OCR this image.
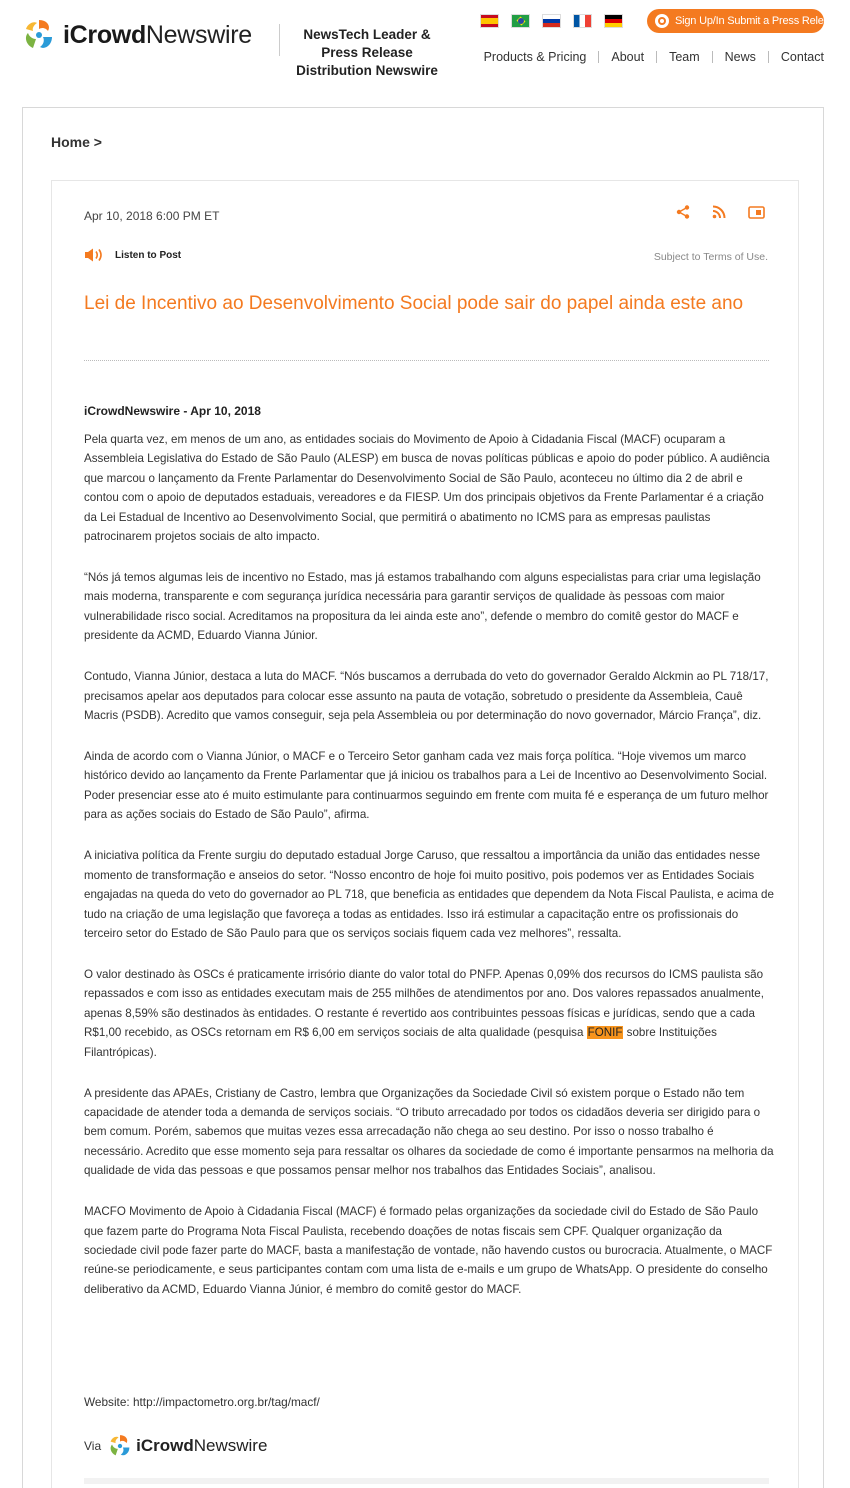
iCrowdNewswire	NewsTech Leader & Press Release Distribution Newswire
Sign Up/In Submit a Press Release
Products & Pricing About Team News Contact
Home >
Apr 10, 2018 6:00 PM ET
Listen to Post	Subject to Terms of Use.
Lei de Incentivo ao Desenvolvimento Social pode sair do papel ainda este ano
iCrowdNewswire - Apr 10, 2018

Pela quarta vez, em menos de um ano, as entidades sociais do Movimento de Apoio à Cidadania Fiscal (MACF) ocuparam a Assembleia Legislativa do Estado de São Paulo (ALESP) em busca de novas políticas públicas e apoio do poder público. A audiência que marcou o lançamento da Frente Parlamentar do Desenvolvimento Social de São Paulo, aconteceu no último dia 2 de abril e contou com o apoio de deputados estaduais, vereadores e da FIESP. Um dos principais objetivos da Frente Parlamentar é a criação da Lei Estadual de Incentivo ao Desenvolvimento Social, que permitirá o abatimento no ICMS para as empresas paulistas patrocinarem projetos sociais de alto impacto.

“Nós já temos algumas leis de incentivo no Estado, mas já estamos trabalhando com alguns especialistas para criar uma legislação mais moderna, transparente e com segurança jurídica necessária para garantir serviços de qualidade às pessoas com maior vulnerabilidade risco social. Acreditamos na propositura da lei ainda este ano”, defende o membro do comitê gestor do MACF e presidente da ACMD, Eduardo Vianna Júnior.

Contudo, Vianna Júnior, destaca a luta do MACF. “Nós buscamos a derrubada do veto do governador Geraldo Alckmin ao PL 718/17, precisamos apelar aos deputados para colocar esse assunto na pauta de votação, sobretudo o presidente da Assembleia, Cauê Macris (PSDB). Acredito que vamos conseguir, seja pela Assembleia ou por determinação do novo governador, Márcio França”, diz.

Ainda de acordo com o Vianna Júnior, o MACF e o Terceiro Setor ganham cada vez mais força política. “Hoje vivemos um marco histórico devido ao lançamento da Frente Parlamentar que já iniciou os trabalhos para a Lei de Incentivo ao Desenvolvimento Social. Poder presenciar esse ato é muito estimulante para continuarmos seguindo em frente com muita fé e esperança de um futuro melhor para as ações sociais do Estado de São Paulo”, afirma.

A iniciativa política da Frente surgiu do deputado estadual Jorge Caruso, que ressaltou a importância da união das entidades nesse momento de transformação e anseios do setor. “Nosso encontro de hoje foi muito positivo, pois podemos ver as Entidades Sociais engajadas na queda do veto do governador ao PL 718, que beneficia as entidades que dependem da Nota Fiscal Paulista, e acima de tudo na criação de uma legislação que favoreça a todas as entidades. Isso irá estimular a capacitação entre os profissionais do terceiro setor do Estado de São Paulo para que os serviços sociais fiquem cada vez melhores”, ressalta.

O valor destinado às OSCs é praticamente irrisório diante do valor total do PNFP. Apenas 0,09% dos recursos do ICMS paulista são repassados e com isso as entidades executam mais de 255 milhões de atendimentos por ano. Dos valores repassados anualmente, apenas 8,59% são destinados às entidades. O restante é revertido aos contribuintes pessoas físicas e jurídicas, sendo que a cada R$1,00 recebido, as OSCs retornam em R$ 6,00 em serviços sociais de alta qualidade (pesquisa FONIF sobre Instituições Filantrópicas).

A presidente das APAEs, Cristiany de Castro, lembra que Organizações da Sociedade Civil só existem porque o Estado não tem capacidade de atender toda a demanda de serviços sociais. “O tributo arrecadado por todos os cidadãos deveria ser dirigido para o bem comum. Porém, sabemos que muitas vezes essa arrecadação não chega ao seu destino. Por isso o nosso trabalho é necessário. Acredito que esse momento seja para ressaltar os olhares da sociedade de como é importante pensarmos na melhoria da qualidade de vida das pessoas e que possamos pensar melhor nos trabalhos das Entidades Sociais”, analisou.

MACFO Movimento de Apoio à Cidadania Fiscal (MACF) é formado pelas organizações da sociedade civil do Estado de São Paulo que fazem parte do Programa Nota Fiscal Paulista, recebendo doações de notas fiscais sem CPF. Qualquer organização da sociedade civil pode fazer parte do MACF, basta a manifestação de vontade, não havendo custos ou burocracia. Atualmente, o MACF reúne-se periodicamente, e seus participantes contam com uma lista de e-mails e um grupo de WhatsApp. O presidente do conselho deliberativo da ACMD, Eduardo Vianna Júnior, é membro do comitê gestor do MACF.

Website: http://impactometro.org.br/tag/macf/
Via iCrowdNewswire
